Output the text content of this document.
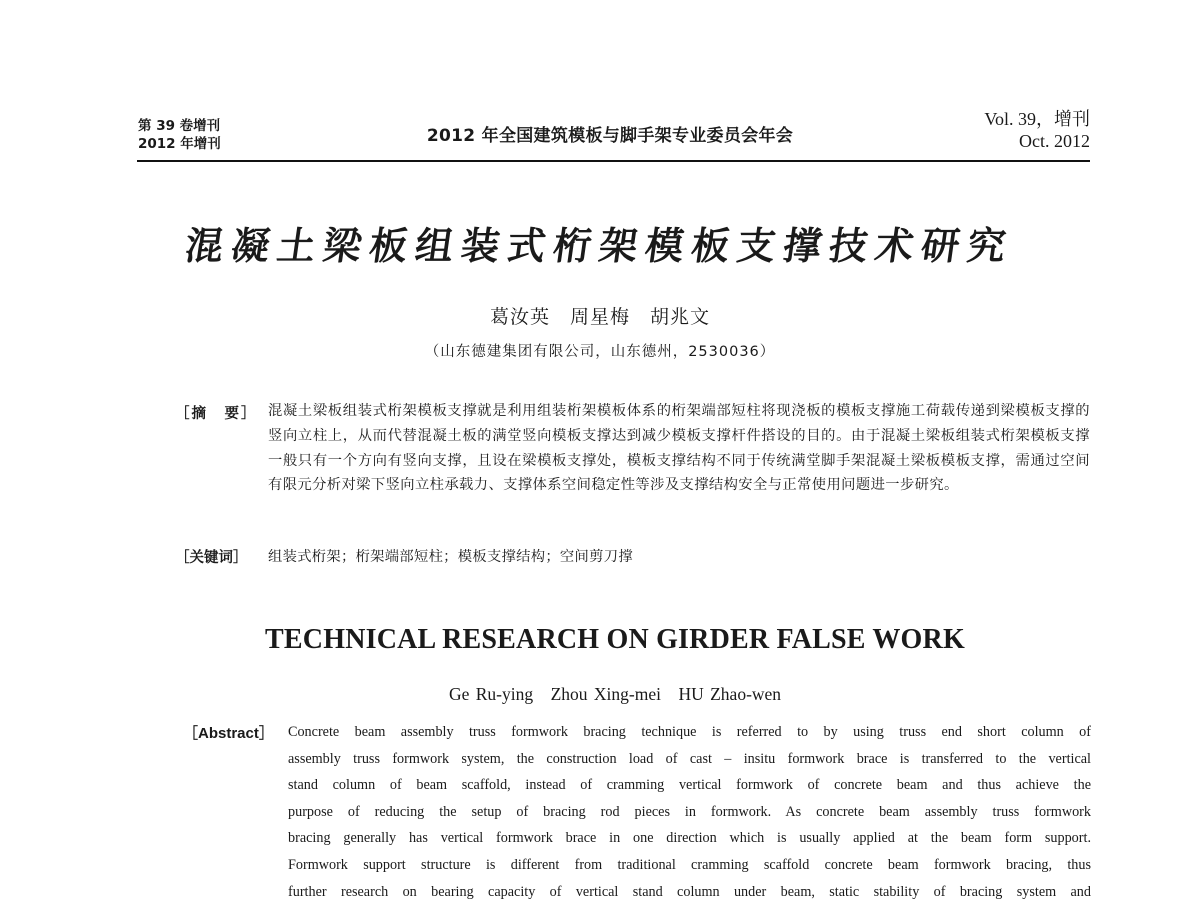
第 39 卷增刊
2012 年增刊	2012 年全国建筑模板与脚手架专业委员会年会
Vol. 39，增刊
Oct. 2012
混凝土梁板组装式桁架模板支撑技术研究
葛汝英　周星梅　胡兆文
（山东德建集团有限公司，山东德州，2530036）
［摘　要］ 混凝土梁板组装式桁架模板支撑就是利用组装桁架模板体系的桁架端部短柱将现浇板的模板支撑施工荷载传递到梁模板支撑的竖向立柱上，从而代替混凝土板的满堂竖向模板支撑达到减少模板支撑杆件搭设的目的。由于混凝土梁板组装式桁架模板支撑一般只有一个方向有竖向支撑，且设在梁模板支撑处，模板支撑结构不同于传统满堂脚手架混凝土梁板模板支撑，需通过空间有限元分析对梁下竖向立柱承载力、支撑体系空间稳定性等涉及支撑结构安全与正常使用问题进一步研究。
［关键词］ 组装式桁架；桁架端部短柱；模板支撑结构；空间剪刀撑
TECHNICAL RESEARCH ON GIRDER FALSE WORK
Ge Ru-ying　Zhou Xing-mei　HU Zhao-wen
［Abstract］ Concrete beam assembly truss formwork bracing technique is referred to by using truss end short column of
assembly truss formwork system, the construction load of cast – insitu formwork brace is transferred to the vertical
stand column of beam scaffold, instead of cramming vertical formwork of concrete beam and thus achieve the
purpose of reducing the setup of bracing rod pieces in formwork. As concrete beam assembly truss formwork
bracing generally has vertical formwork brace in one direction which is usually applied at the beam form support.
Formwork support structure is different from traditional cramming scaffold concrete beam formwork bracing, thus
further research on bearing capacity of vertical stand column under beam, static stability of bracing system and
